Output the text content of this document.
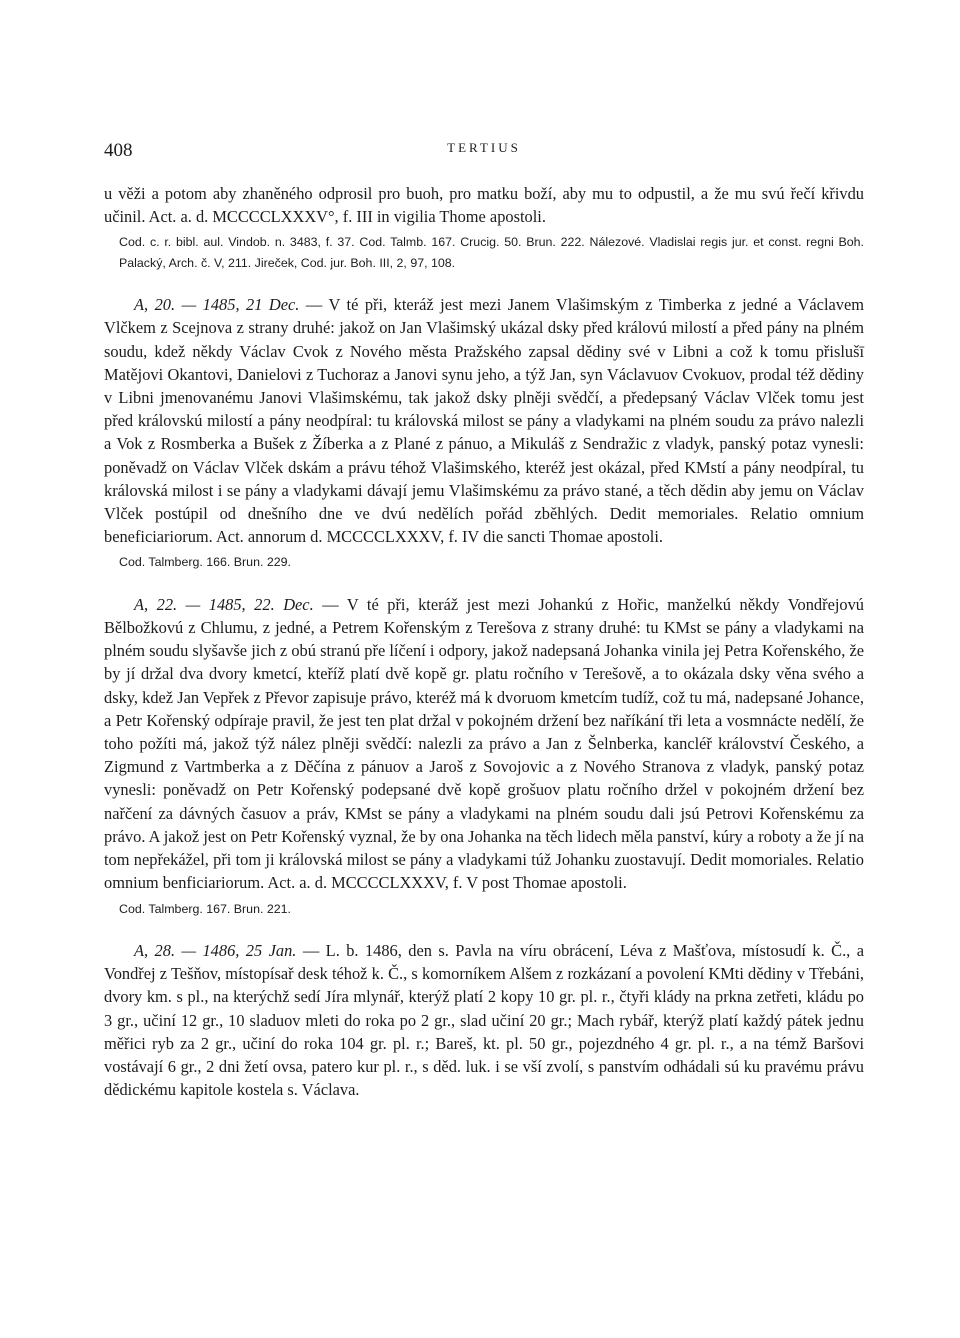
408	TERTIUS

u věži a potom aby zhaněného odprosil pro buoh, pro matku boží, aby mu to odpustil, a že mu svú řečí křivdu učinil. Act. a. d. MCCCCLXXXV°, f. III in vigilia Thome apostoli.

Cod. c. r. bibl. aul. Vindob. n. 3483, f. 37. Cod. Talmb. 167. Crucig. 50. Brun. 222. Nálezové. Vladislai regis jur. et const. regni Boh. Palacký, Arch. č. V, 211. Jireček, Cod. jur. Boh. III, 2, 97, 108.

A, 20. — 1485, 21 Dec. — V té při, kteráž jest mezi Janem Vlašimským z Timberka z jedné a Václavem Vlčkem z Scejnova z strany druhé: jakož on Jan Vlašimský ukázal dsky před královú milostí a před pány na plném soudu, kdež někdy Václav Cvok z Nového města Pražského zapsal dědiny své v Libni a což k tomu přislušī Matějovi Okantovi, Danielovi z Tuchoraz a Janovi synu jeho, a týž Jan, syn Václavuov Cvokuov, prodal též dědiny v Libni jmenovanému Janovi Vlašimskému, tak jakož dsky plněji svědčí, a předepsaný Václav Vlček tomu jest před královskú milostí a pány neodpíral: tu královská milost se pány a vladykami na plném soudu za právo nalezli a Vok z Rosmberka a Bušek z Žíberka a z Plané z pánuo, a Mikuláš z Sendražic z vladyk, panský potaz vynesli: poněvadž on Václav Vlček dskám a právu téhož Vlašimského, kteréž jest okázal, před KMstí a pány neodpíral, tu královská milost i se pány a vladykami dávají jemu Vlašimskému za právo stané, a těch dědin aby jemu on Václav Vlček postúpil od dnešního dne ve dvú nedělích pořád zběhlých. Dedit memoriales. Relatio omnium beneficiariorum. Act. annorum d. MCCCCLXXXV, f. IV die sancti Thomae apostoli.

Cod. Talmberg. 166. Brun. 229.

A, 22. — 1485, 22. Dec. — V té při, kteráž jest mezi Johankú z Hořic, manželkú někdy Vondřejovú Bělbožkovú z Chlumu, z jedné, a Petrem Kořenským z Terešova z strany druhé: tu KMst se pány a vladykami na plném soudu slyšavše jich z obú stranú pře líčení i odpory, jakož nadepsaná Johanka vinila jej Petra Kořenského, že by jí držal dva dvory kmetcí, kteříž platí dvě kopě gr. platu ročního v Terešově, a to okázala dsky věna svého a dsky, kdež Jan Vepřek z Převor zapisuje právo, kteréž má k dvoruom kmetcím tudíž, což tu má, nadepsané Johance, a Petr Kořenský odpíraje pravil, že jest ten plat držal v pokojném držení bez naříkání tři leta a vosmnácte nedělí, že toho požíti má, jakož týž nález plněji svědčí: nalezli za právo a Jan z Šelnberka, kancléř království Českého, a Zigmund z Vartmberka a z Děčína z pánuov a Jaroš z Sovojovic a z Nového Stranova z vladyk, panský potaz vynesli: poněvadž on Petr Kořenský podepsané dvě kopě grošuov platu ročního držel v pokojném držení bez nařčení za dávných časuov a práv, KMst se pány a vladykami na plném soudu dali jsú Petrovi Kořenskému za právo. A jakož jest on Petr Kořenský vyznal, že by ona Johanka na těch lidech měla panství, kúry a roboty a že jí na tom nepřekážel, při tom ji královská milost se pány a vladykami túž Johanku zuostavují. Dedit momoriales. Relatio omnium benficiariorum. Act. a. d. MCCCCLXXXV, f. V post Thomae apostoli.

Cod. Talmberg. 167. Brun. 221.

A, 28. — 1486, 25 Jan. — L. b. 1486, den s. Pavla na víru obrácení, Léva z Mašťova, místosudí k. Č., a Vondřej z Tešňov, místopísař desk téhož k. Č., s komorníkem Alšem z rozkázaní a povolení KMti dědiny v Třebáni, dvory km. s pl., na kterýchž sedí Jíra mlynář, kterýž platí 2 kopy 10 gr. pl. r., čtyři klády na prkna zetřeti, kládu po 3 gr., učiní 12 gr., 10 sladuov mleti do roka po 2 gr., slad učiní 20 gr.; Mach rybář, kterýž platí každý pátek jednu měřici ryb za 2 gr., učiní do roka 104 gr. pl. r.; Bareš, kt. pl. 50 gr., pojezdného 4 gr. pl. r., a na témž Baršovi vostávají 6 gr., 2 dni žetí ovsa, patero kur pl. r., s děd. luk. i se vší zvolí, s panstvím odhádali sú ku pravému právu dědickému kapitole kostela s. Václava.
